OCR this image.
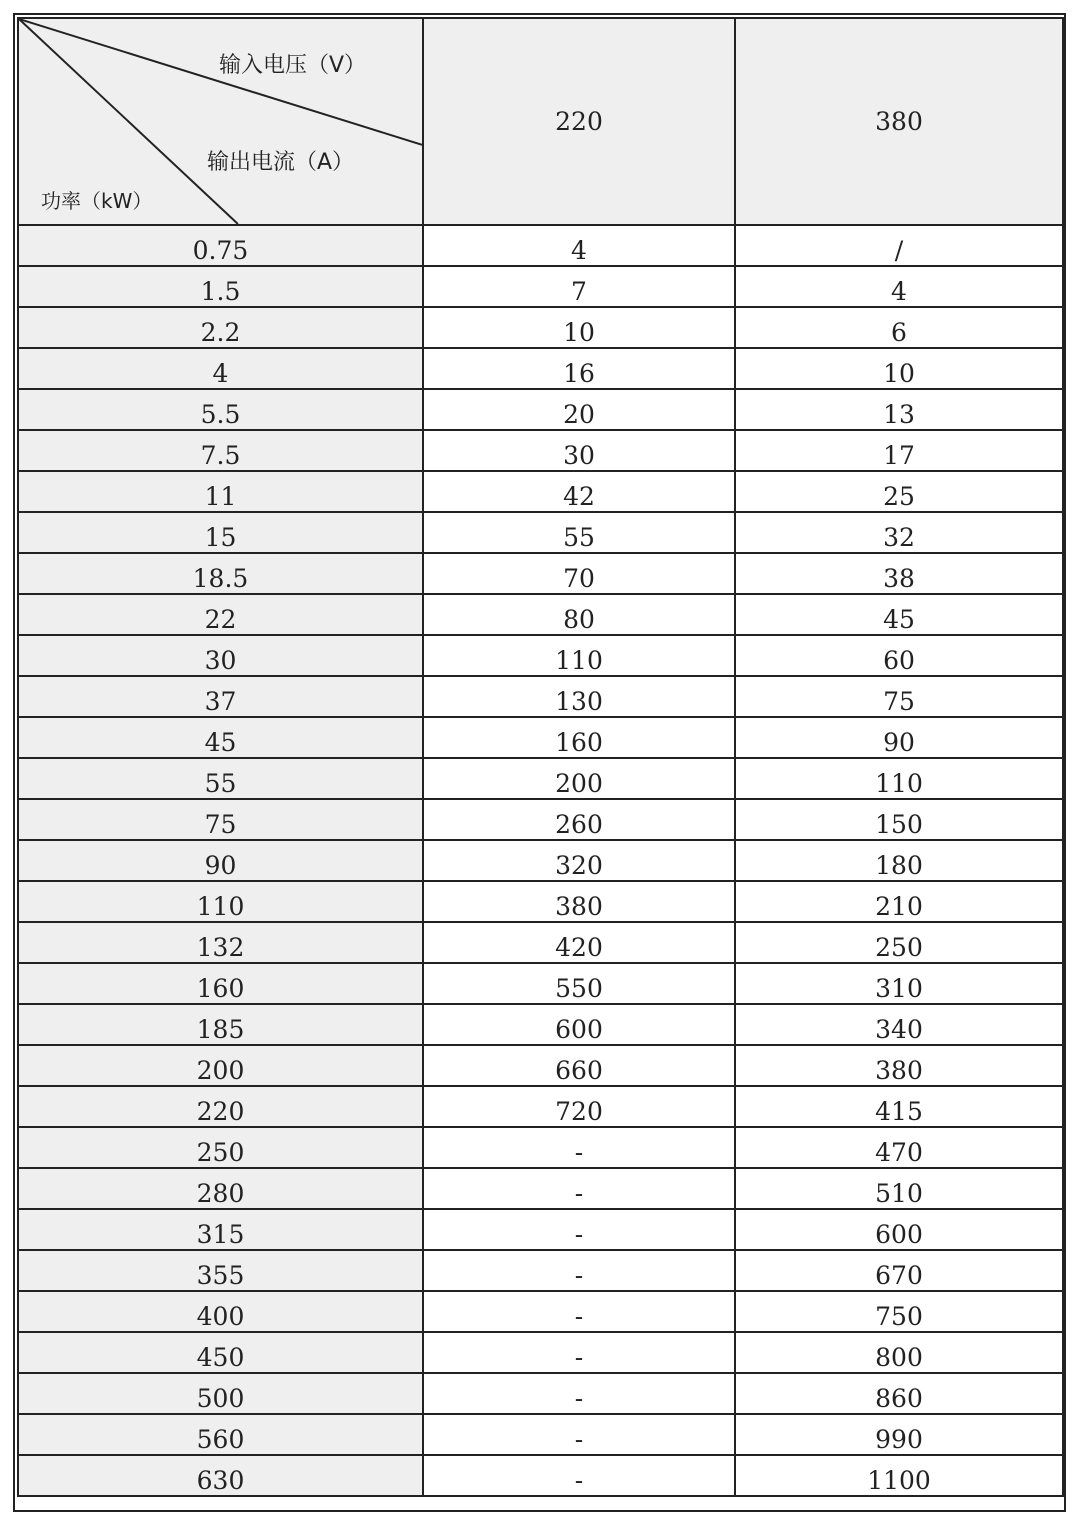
输入电压（V）
输出电流（A）
功率（kW）	220	380
0.75	4	/
1.5	7	4
2.2	10	6
4	16	10
5.5	20	13
7.5	30	17
11	42	25
15	55	32
18.5	70	38
22	80	45
30	110	60
37	130	75
45	160	90
55	200	110
75	260	150
90	320	180
110	380	210
132	420	250
160	550	310
185	600	340
200	660	380
220	720	415
250	-	470
280	-	510
315	-	600
355	-	670
400	-	750
450	-	800
500	-	860
560	-	990
630	-	1100
